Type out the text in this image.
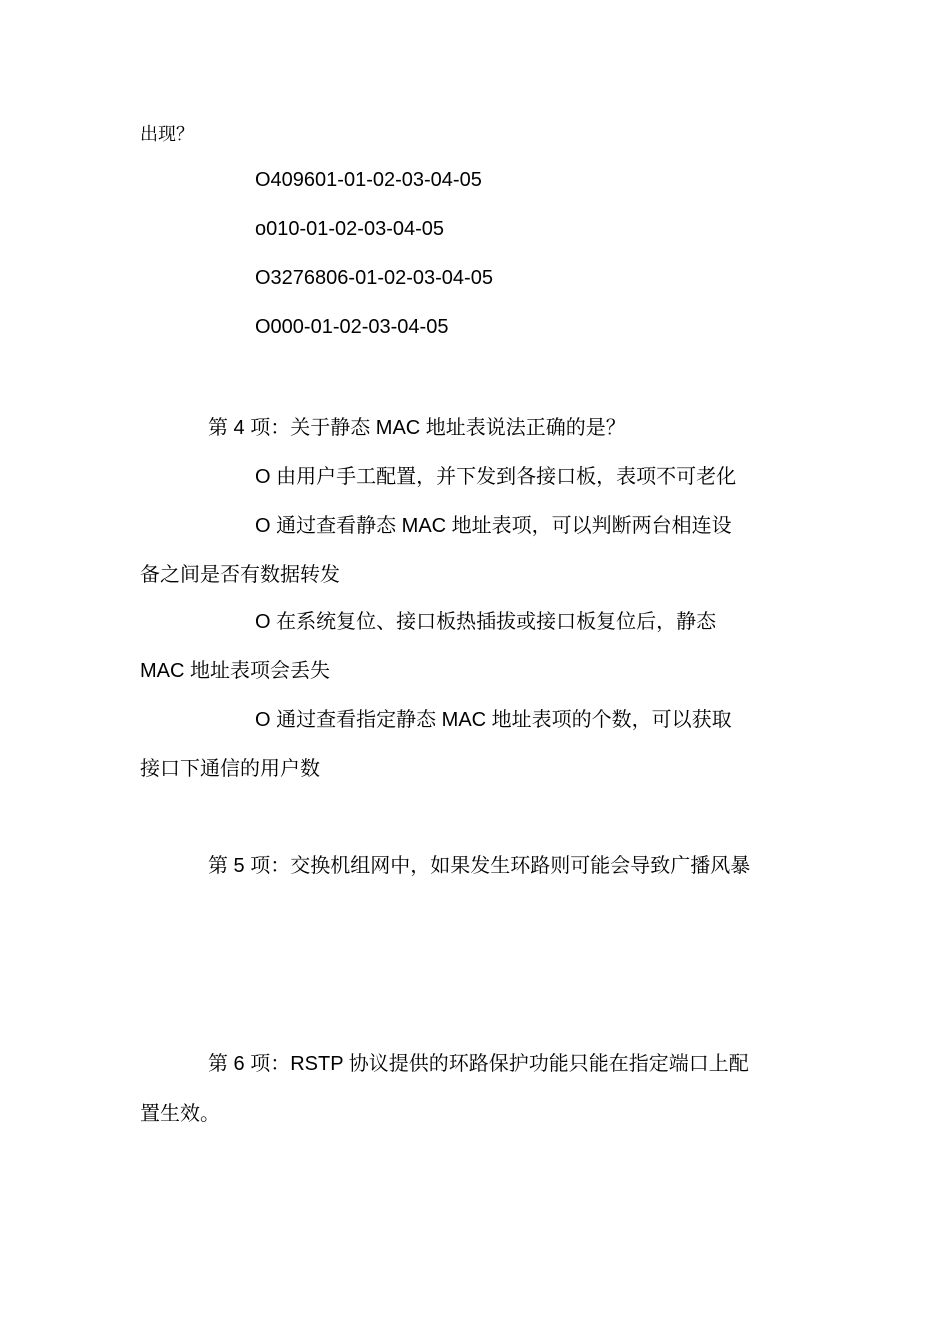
出现？
O409601-01-02-03-04-05
o010-01-02-03-04-05
O3276806-01-02-03-04-05
O000-01-02-03-04-05
第 4 项：关于静态 MAC 地址表说法正确的是？
O 由用户手工配置，并下发到各接口板，表项不可老化
O 通过查看静态 MAC 地址表项，可以判断两台相连设
备之间是否有数据转发
O 在系统复位、接口板热插拔或接口板复位后，静态
MAC 地址表项会丢失
O 通过查看指定静态 MAC 地址表项的个数，可以获取
接口下通信的用户数
第 5 项：交换机组网中，如果发生环路则可能会导致广播风暴
第 6 项：RSTP 协议提供的环路保护功能只能在指定端口上配
置生效。
